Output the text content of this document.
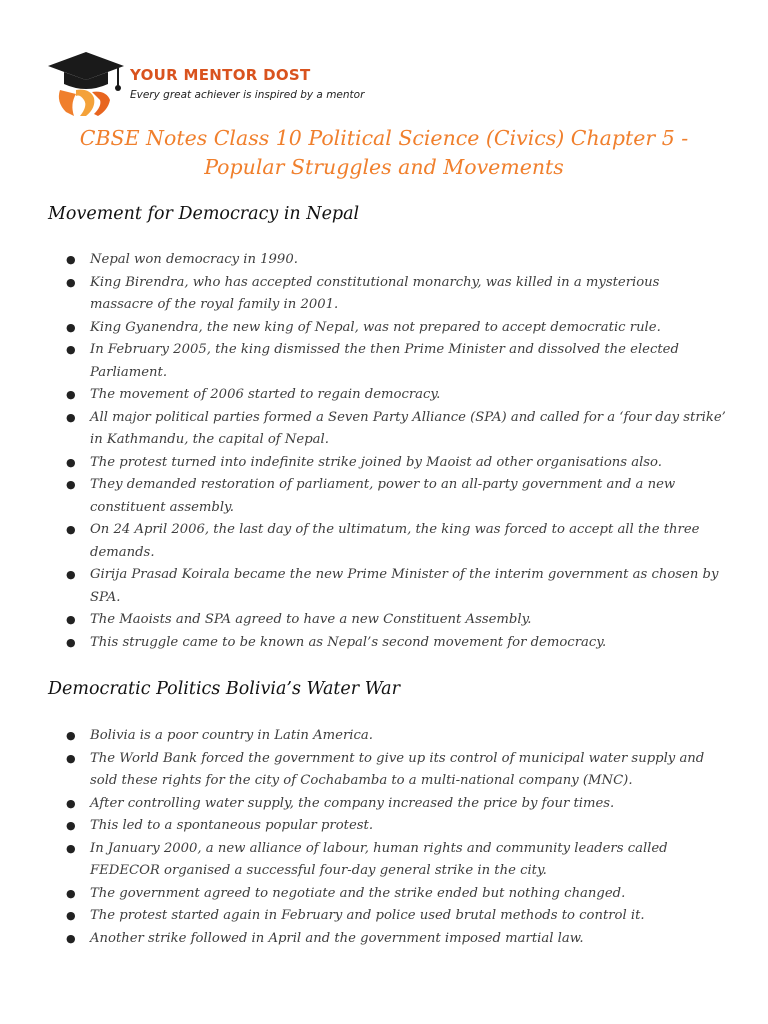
YOUR MENTOR DOST
Every great achiever is inspired by a mentor
CBSE Notes Class 10 Political Science (Civics) Chapter 5 -
Popular Struggles and Movements
Movement for Democracy in Nepal
● Nepal won democracy in 1990.
● King Birendra, who has accepted constitutional monarchy, was killed in a mysterious massacre of the royal family in 2001.
● King Gyanendra, the new king of Nepal, was not prepared to accept democratic rule.
● In February 2005, the king dismissed the then Prime Minister and dissolved the elected Parliament.
● The movement of 2006 started to regain democracy.
● All major political parties formed a Seven Party Alliance (SPA) and called for a ‘four day strike’ in Kathmandu, the capital of Nepal.
● The protest turned into indefinite strike joined by Maoist ad other organisations also.
● They demanded restoration of parliament, power to an all-party government and a new constituent assembly.
● On 24 April 2006, the last day of the ultimatum, the king was forced to accept all the three demands.
● Girija Prasad Koirala became the new Prime Minister of the interim government as chosen by SPA.
● The Maoists and SPA agreed to have a new Constituent Assembly.
● This struggle came to be known as Nepal’s second movement for democracy.
Democratic Politics Bolivia’s Water War
● Bolivia is a poor country in Latin America.
● The World Bank forced the government to give up its control of municipal water supply and sold these rights for the city of Cochabamba to a multi-national company (MNC).
● After controlling water supply, the company increased the price by four times.
● This led to a spontaneous popular protest.
● In January 2000, a new alliance of labour, human rights and community leaders called FEDECOR organised a successful four-day general strike in the city.
● The government agreed to negotiate and the strike ended but nothing changed.
● The protest started again in February and police used brutal methods to control it.
● Another strike followed in April and the government imposed martial law.
